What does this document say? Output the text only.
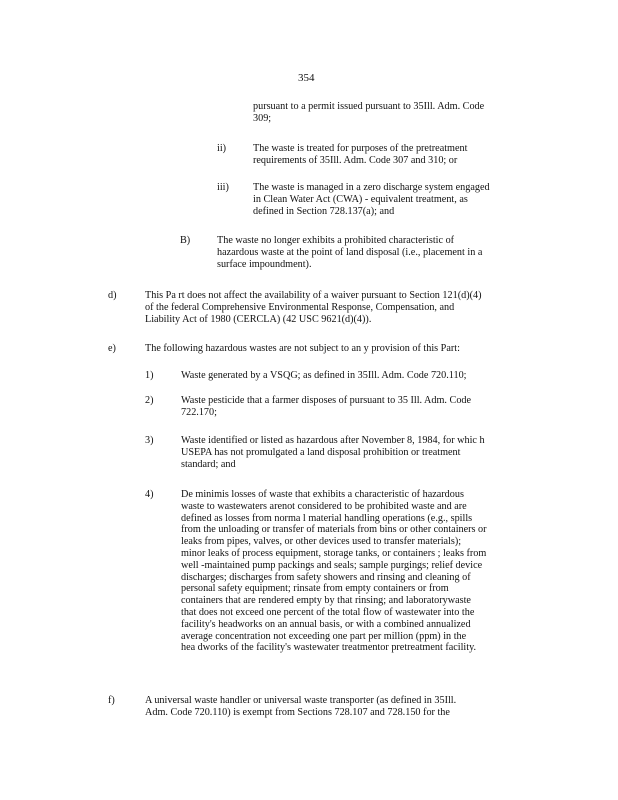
354
pursuant to a permit issued pursuant to 35Ill. Adm. Code
309;
ii)	The waste is treated for purposes of the pretreatment
requirements of 35Ill. Adm. Code 307 and 310; or
iii) The waste is managed in a zero discharge system engaged
in Clean Water Act (CWA) - equivalent treatment, as
defined in Section 728.137(a); and
B)	The waste no longer exhibits a prohibited characteristic of
hazardous waste at the point of land disposal (i.e., placement in a
surface impoundment).
d)	This Pa rt does not affect the availability of a waiver pursuant to Section 121(d)(4)
of the federal Comprehensive Environmental Response, Compensation, and
Liability Act of 1980 (CERCLA) (42 USC 9621(d)(4)).
e)	The following hazardous wastes are not subject to an y provision of this Part:
1)	Waste generated by a VSQG; as defined in 35Ill. Adm. Code 720.110;
2)	Waste pesticide that a farmer disposes of pursuant to 35 Ill. Adm. Code
722.170;
3)	Waste identified or listed as hazardous after November 8, 1984, for whic h
USEPA has not promulgated a land disposal prohibition or treatment
standard; and
4)	De minimis losses of waste that exhibits a characteristic of hazardous
waste to wastewaters arenot considered to be prohibited waste and are
defined as losses from norma l material handling operations (e.g., spills
from the unloading or transfer of materials from bins or other containers or
leaks from pipes, valves, or other devices used to transfer materials);
minor leaks of process equipment, storage tanks, or containers ; leaks from
well -maintained pump packings and seals; sample purgings; relief device
discharges; discharges from safety showers and rinsing and cleaning of
personal safety equipment; rinsate from empty containers or from
containers that are rendered empty by that rinsing; and laboratorywaste
that does not exceed one percent of the total flow of wastewater into the
facility's headworks on an annual basis, or with a combined annualized
average concentration not exceeding one part per million (ppm) in the
hea dworks of the facility's wastewater treatmentor pretreatment facility.
f)	A universal waste handler or universal waste transporter (as defined in 35Ill.
Adm. Code 720.110) is exempt from Sections 728.107 and 728.150 for the
